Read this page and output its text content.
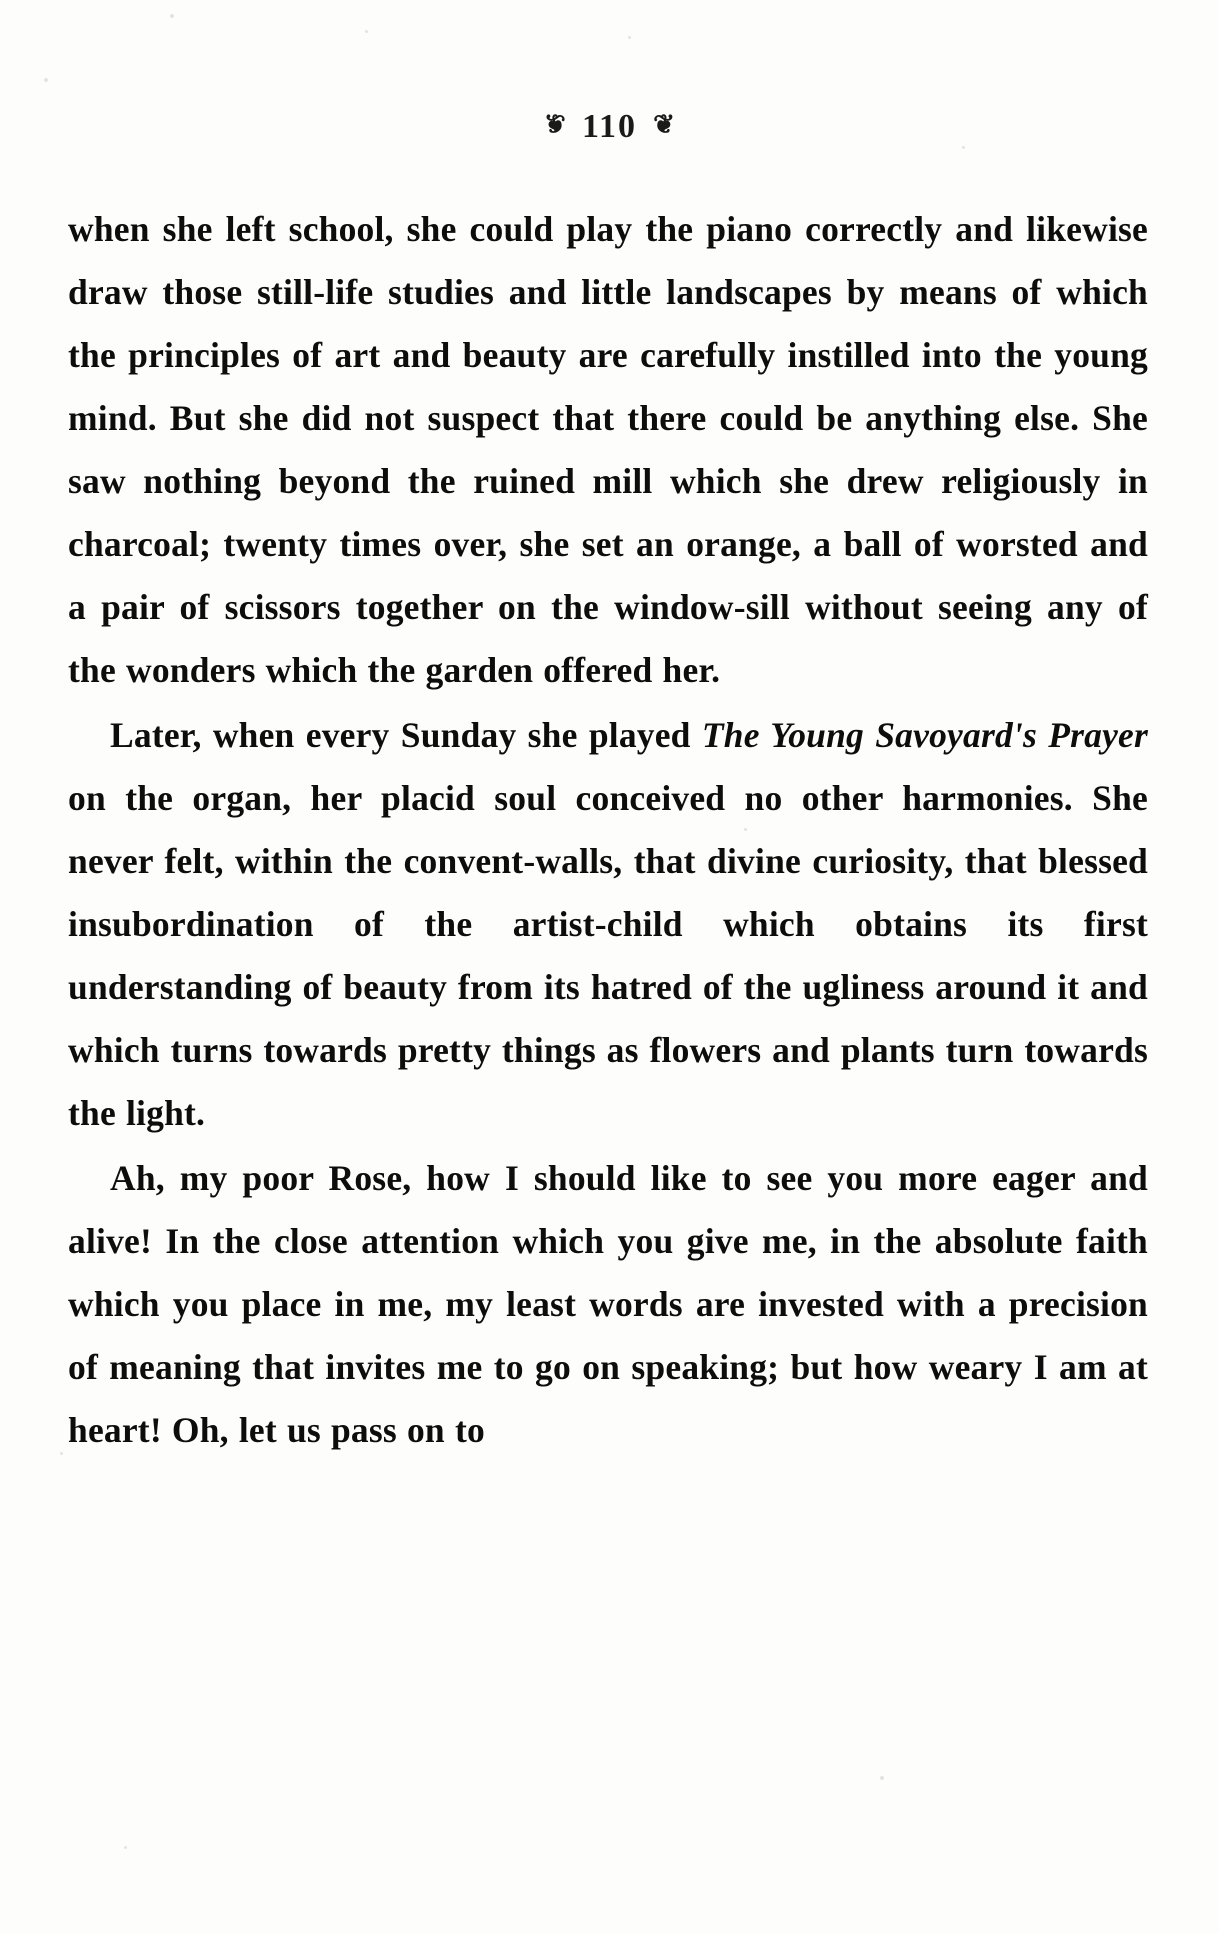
❦ 110 ❦

when she left school, she could play the piano correctly and likewise draw those still-life studies and little landscapes by means of which the principles of art and beauty are carefully instilled into the young mind. But she did not suspect that there could be anything else. She saw nothing beyond the ruined mill which she drew religiously in charcoal; twenty times over, she set an orange, a ball of worsted and a pair of scissors together on the window-sill without seeing any of the wonders which the garden offered her.

Later, when every Sunday she played The Young Savoyard's Prayer on the organ, her placid soul conceived no other harmonies. She never felt, within the convent-walls, that divine curiosity, that blessed insubordination of the artist-child which obtains its first understanding of beauty from its hatred of the ugliness around it and which turns towards pretty things as flowers and plants turn towards the light.

Ah, my poor Rose, how I should like to see you more eager and alive! In the close attention which you give me, in the absolute faith which you place in me, my least words are invested with a precision of meaning that invites me to go on speaking; but how weary I am at heart! Oh, let us pass on to
